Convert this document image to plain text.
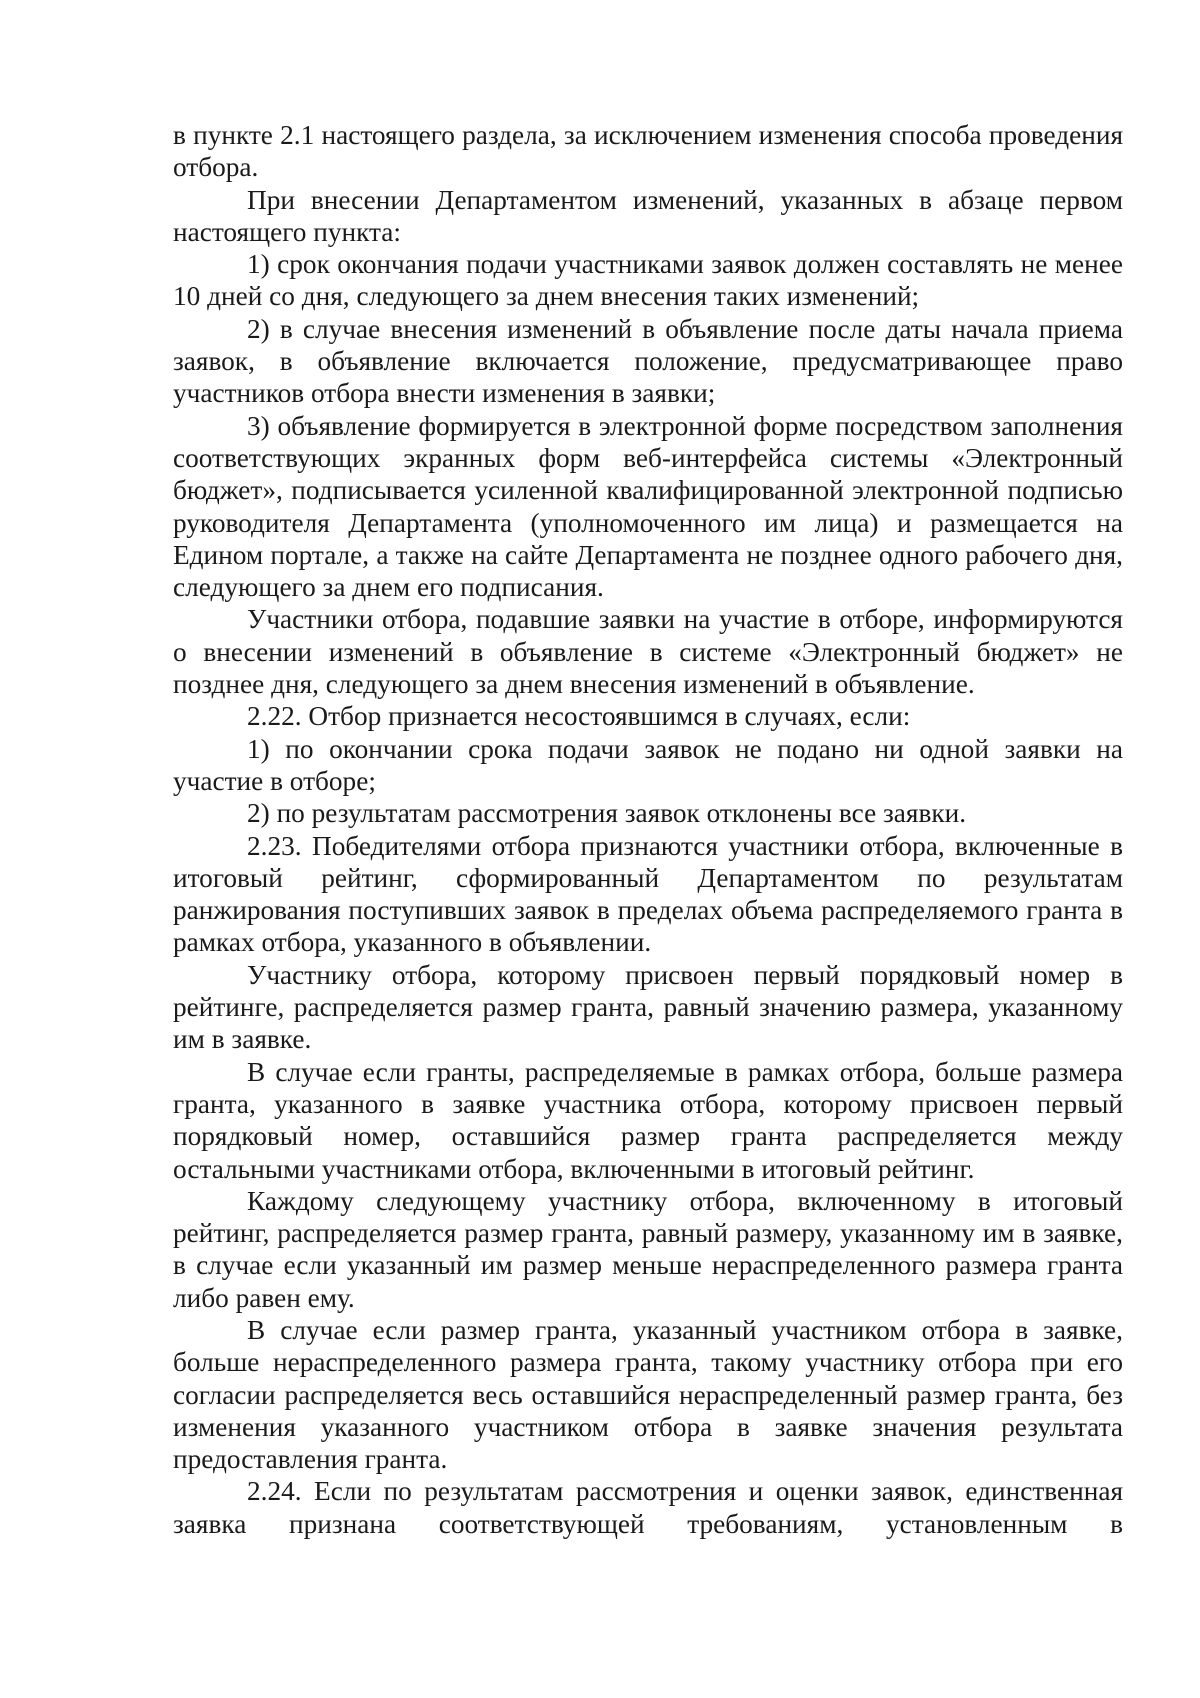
в пункте 2.1 настоящего раздела, за исключением изменения способа проведения отбора.

При внесении Департаментом изменений, указанных в абзаце первом настоящего пункта:

1) срок окончания подачи участниками заявок должен составлять не менее 10 дней со дня, следующего за днем внесения таких изменений;

2) в случае внесения изменений в объявление после даты начала приема заявок, в объявление включается положение, предусматривающее право участников отбора внести изменения в заявки;

3) объявление формируется в электронной форме посредством заполнения соответствующих экранных форм веб-интерфейса системы «Электронный бюджет», подписывается усиленной квалифицированной электронной подписью руководителя Департамента (уполномоченного им лица) и размещается на Едином портале, а также на сайте Департамента не позднее одного рабочего дня, следующего за днем его подписания.

Участники отбора, подавшие заявки на участие в отборе, информируются о внесении изменений в объявление в системе «Электронный бюджет» не позднее дня, следующего за днем внесения изменений в объявление.

2.22. Отбор признается несостоявшимся в случаях, если:

1) по окончании срока подачи заявок не подано ни одной заявки на участие в отборе;

2) по результатам рассмотрения заявок отклонены все заявки.

2.23. Победителями отбора признаются участники отбора, включенные в итоговый рейтинг, сформированный Департаментом по результатам ранжирования поступивших заявок в пределах объема распределяемого гранта в рамках отбора, указанного в объявлении.

Участнику отбора, которому присвоен первый порядковый номер в рейтинге, распределяется размер гранта, равный значению размера, указанному им в заявке.

В случае если гранты, распределяемые в рамках отбора, больше размера гранта, указанного в заявке участника отбора, которому присвоен первый порядковый номер, оставшийся размер гранта распределяется между остальными участниками отбора, включенными в итоговый рейтинг.

Каждому следующему участнику отбора, включенному в итоговый рейтинг, распределяется размер гранта, равный размеру, указанному им в заявке, в случае если указанный им размер меньше нераспределенного размера гранта либо равен ему.

В случае если размер гранта, указанный участником отбора в заявке, больше нераспределенного размера гранта, такому участнику отбора при его согласии распределяется весь оставшийся нераспределенный размер гранта, без изменения указанного участником отбора в заявке значения результата предоставления гранта.

2.24. Если по результатам рассмотрения и оценки заявок, единственная заявка признана соответствующей требованиям, установленным в
